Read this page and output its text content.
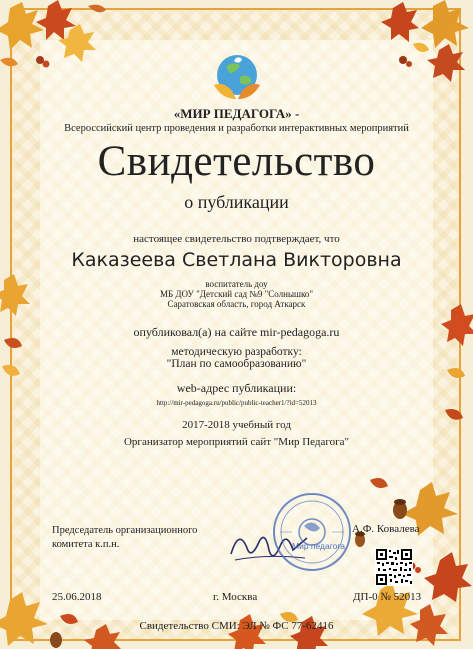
«МИР ПЕДАГОГА» -
Всероссийский центр проведения и разработки интерактивных мероприятий
Свидетельство
о публикации
настоящее свидетельство подтверждает, что
Каказеева Светлана Викторовна
воспитатель доу
МБ ДОУ "Детский сад №9 "Солнышко"
Саратовская область, город Аткарск
опубликовал(а) на сайте mir-pedagoga.ru
методическую разработку:
"План по самообразованию"
web-адрес публикации:
http://mir-pedagoga.ru/public/public-teacher1/?id=52013
2017-2018 учебный год
Организатор мероприятий сайт "Мир Педагога"
Председатель организационного
комитета к.п.н.	Мир педагога
А.Ф. Ковалева
25.06.2018	г. Москва	ДП-0 № 52013
Свидетельство СМИ: ЭЛ № ФС 77-62416
